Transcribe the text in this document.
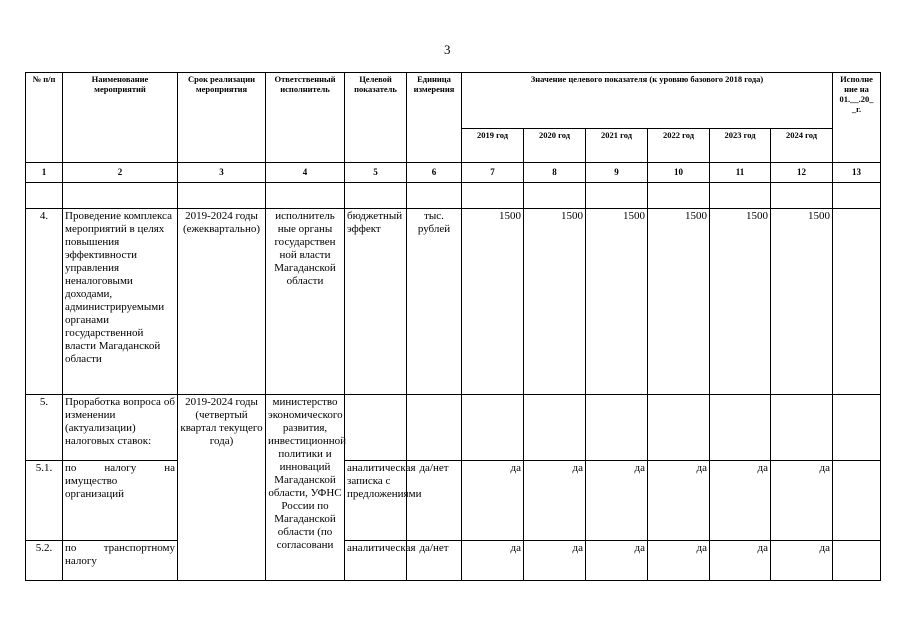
3
№ п/п	Наименование мероприятий	Срок реализации мероприятия	Ответственный исполнитель	Целевой показатель	Единица измерения	Значение целевого показателя (к уровню базового 2018 года)						Исполне ние на 01.__.20_ _г.
						2019 год	2020 год	2021 год	2022 год	2023 год	2024 год	
1	2	3	4	5	6	7	8	9	10	11	12	13

4.	Проведение комплекса мероприятий в целях повышения эффективности управления неналоговыми доходами, администрируемыми органами государственной власти Магаданской области	2019-2024 годы (ежеквартально)	исполнитель ные органы государствен ной власти Магаданской области	бюджетный эффект	тыс. рублей	1500	1500	1500	1500	1500	1500	
5.	Проработка вопроса об изменении (актуализации) налоговых ставок:	2019-2024 годы (четвертый квартал текущего года)	министерство экономического развития, инвестиционной политики и инноваций Магаданской области, УФНС России по Магаданской области (по согласовани									
5.1.	по налогу на имущество организаций			аналитическая записка с предложениями	да/нет	да	да	да	да	да	да	
5.2.	по транспортному налогу			аналитическая	да/нет	да	да	да	да	да	да	
